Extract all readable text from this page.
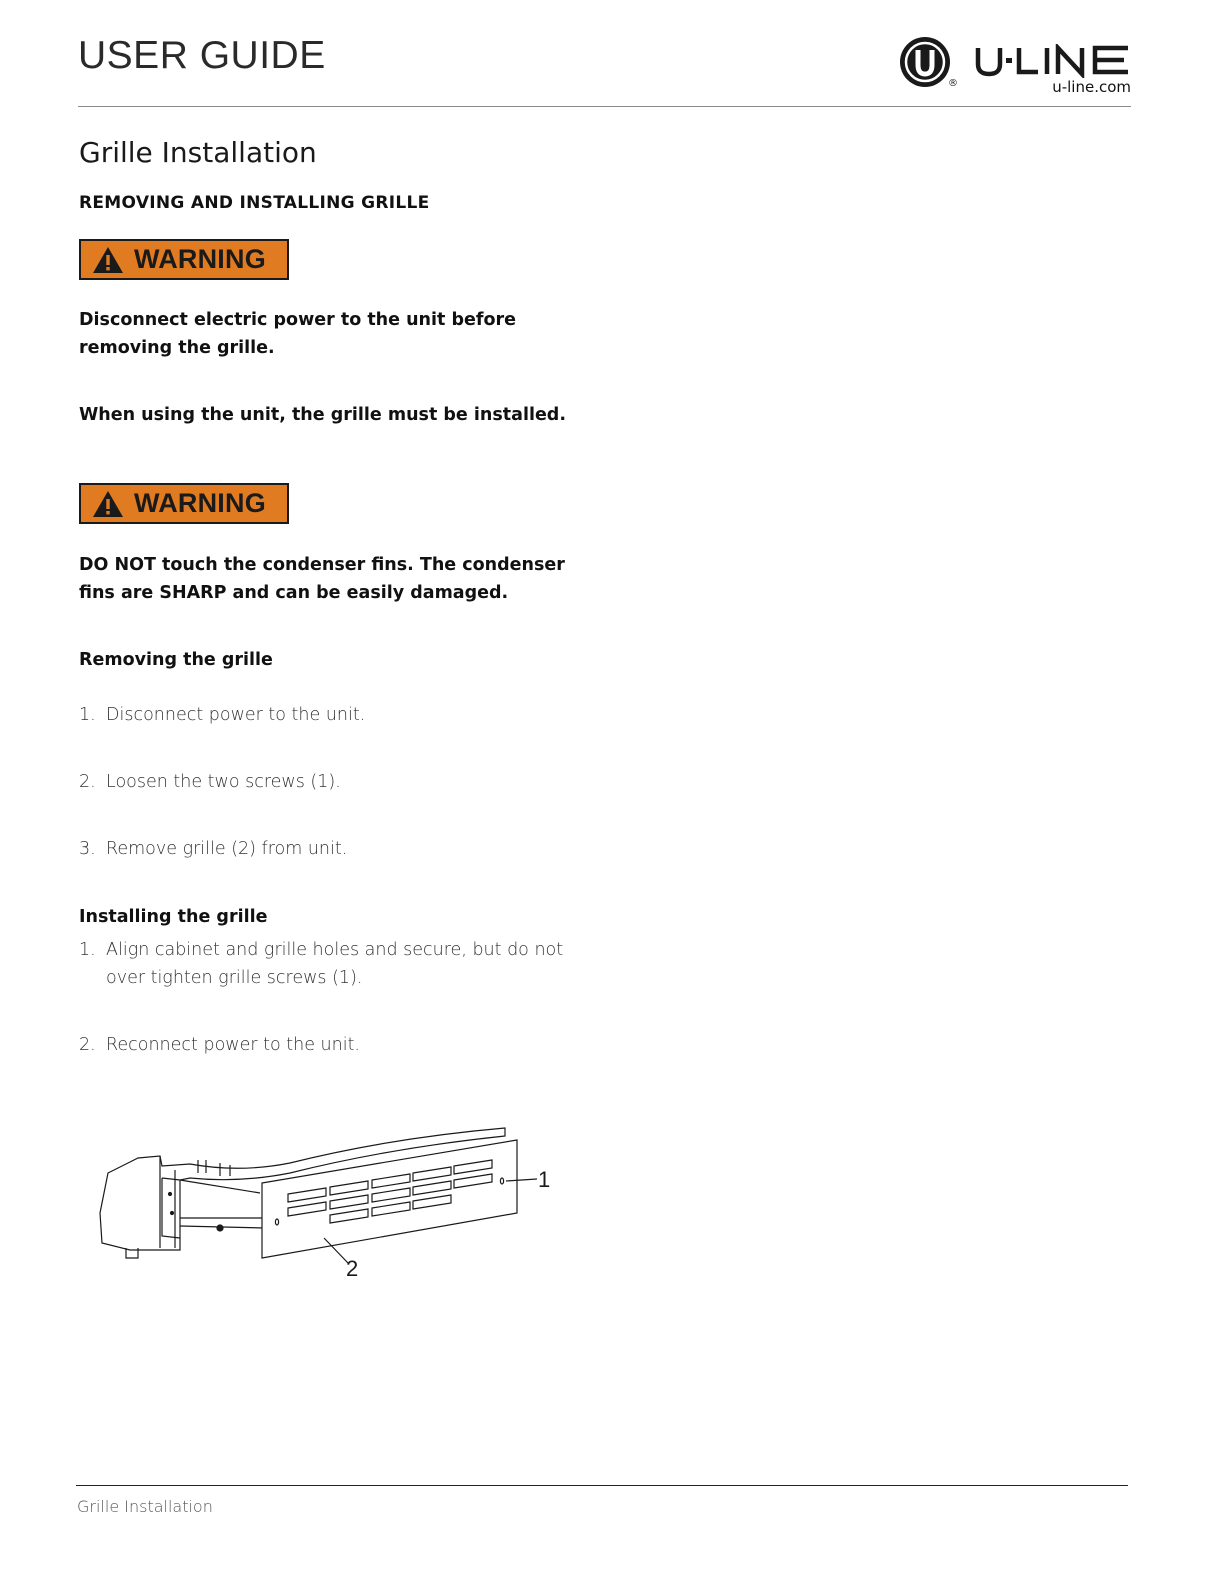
USER GUIDE
®	u-line.com
Grille Installation
REMOVING AND INSTALLING GRILLE
WARNING

Disconnect electric power to the unit before
removing the grille.

When using the unit, the grille must be installed.

WARNING

DO NOT touch the condenser fins. The condenser
fins are SHARP and can be easily damaged.

Removing the grille

1. Disconnect power to the unit.
2. Loosen the two screws (1).
3. Remove grille (2) from unit.

Installing the grille

1. Align cabinet and grille holes and secure, but do not
over tighten grille screws (1).
2. Reconnect power to the unit.
1
2
Grille Installation
